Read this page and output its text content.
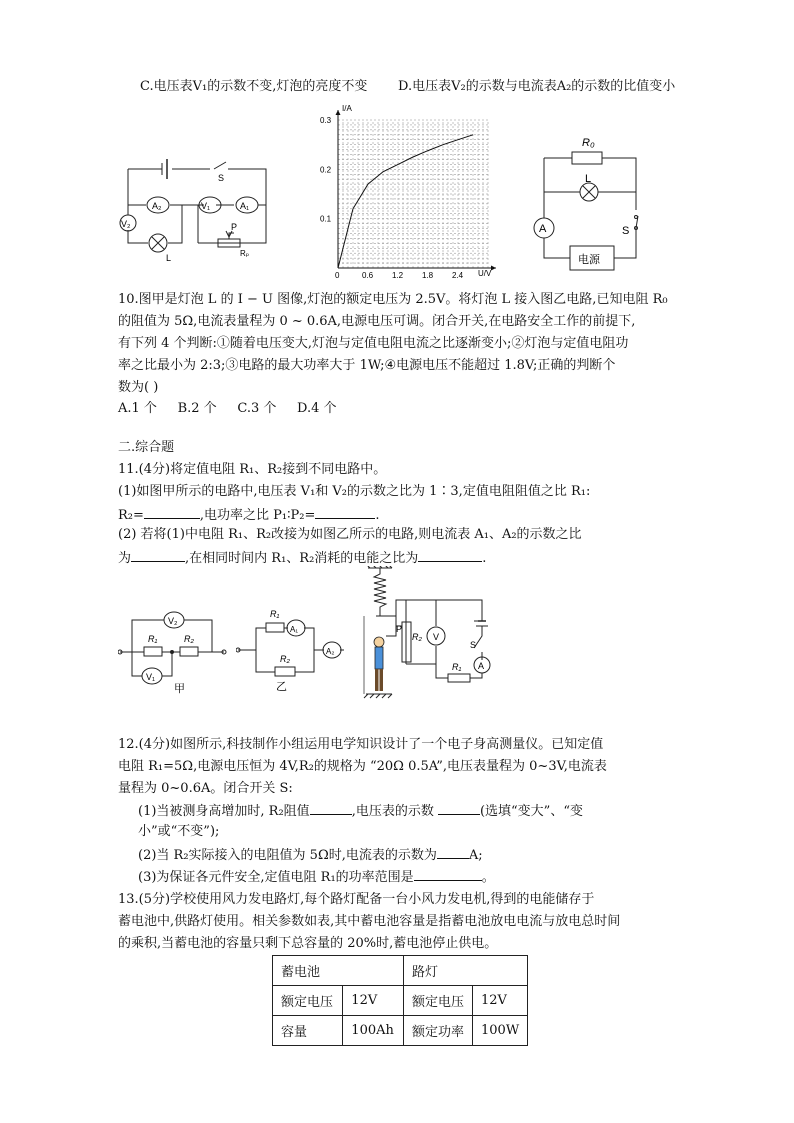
C.电压表V₁的示数不变,灯泡的亮度不变 D.电压表V₂的示数与电流表A₂的示数的比值变小
S
A₂	V₁	A₁
V₂
L
P
Rₚ
0	0.6 1.2 1.8 2.4
0.1
0.2
0.3
I/A
U/V
R₀
L
A	S
电源
10.图甲是灯泡 L 的 I − U 图像,灯泡的额定电压为 2.5V。将灯泡 L 接入图乙电路,已知电阻 R₀
的阻值为 5Ω,电流表量程为 0 ~ 0.6A,电源电压可调。闭合开关,在电路安全工作的前提下,
有下列 4 个判断:①随着电压变大,灯泡与定值电阻电流之比逐渐变小;②灯泡与定值电阻功
率之比最小为 2:3;③电路的最大功率大于 1W;④电源电压不能超过 1.8V;正确的判断个
数为( )
A.1 个     B.2 个     C.3 个     D.4 个
二.综合题
11.(4分)将定值电阻 R₁、R₂接到不同电路中。
(1)如图甲所示的电路中,电压表 V₁和 V₂的示数之比为 1∶3,定值电阻阻值之比 R₁:
R₂=	,电功率之比 P₁∶P₂=	.
(2) 若将(1)中电阻 R₁、R₂改接为如图乙所示的电路,则电流表 A₁、A₂的示数之比
为	,在相同时间内 R₁、R₂消耗的电能之比为	.
V₂
V₁
R₁	R₂
甲
R₁
A₁
R₂
A₂
乙
P
R₂ V
S
A
R₁
12.(4分)如图所示,科技制作小组运用电学知识设计了一个电子身高测量仪。已知定值
电阻 R₁=5Ω,电源电压恒为 4V,R₂的规格为 “20Ω 0.5A”,电压表量程为 0~3V,电流表
量程为 0~0.6A。闭合开关 S:
(1)当被测身高增加时, R₂阻值	,电压表的示数	(选填“变大”、“变
小”或“不变”);
(2)当 R₂实际接入的电阻值为 5Ω时,电流表的示数为 A;
(3)为保证各元件安全,定值电阻 R₁的功率范围是	。
13.(5分)学校使用风力发电路灯,每个路灯配备一台小风力发电机,得到的电能储存于
蓄电池中,供路灯使用。相关参数如表,其中蓄电池容量是指蓄电池放电电流与放电总时间
的乘积,当蓄电池的容量只剩下总容量的 20%时,蓄电池停止供电。
蓄电池		路灯	
额定电压	12V	额定电压	12V
容量	100Ah	额定功率	100W
